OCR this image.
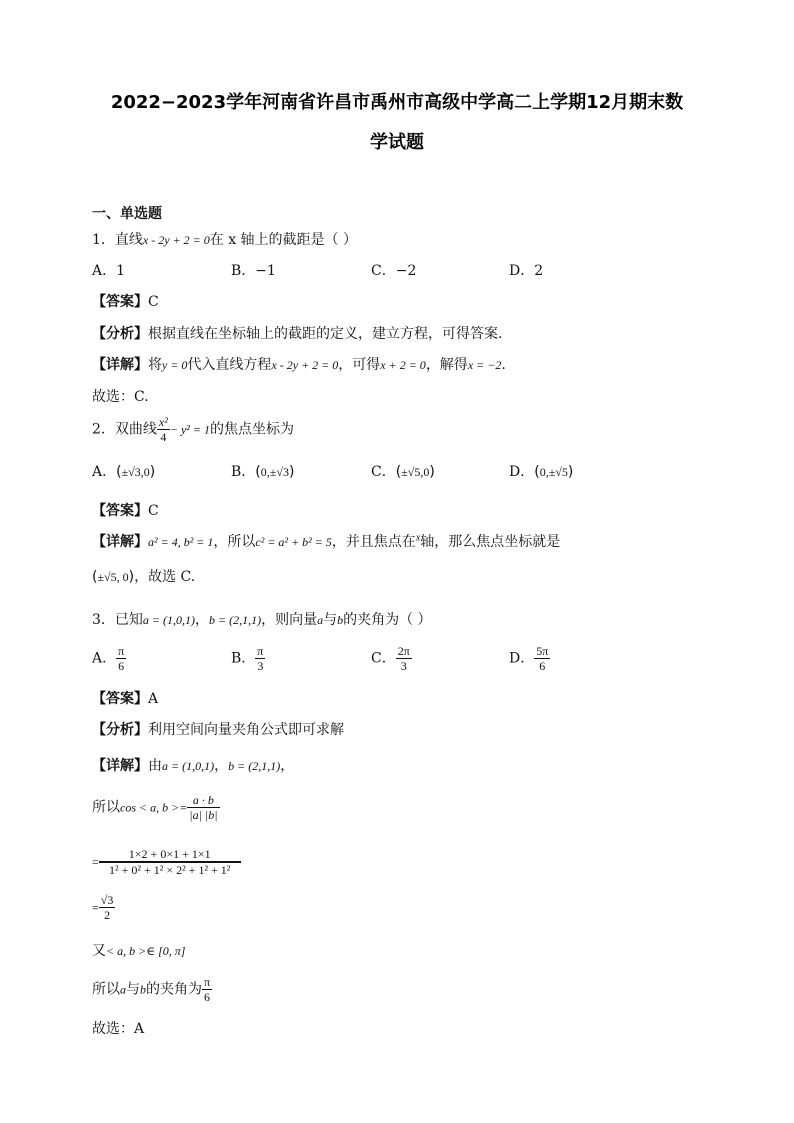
2022−2023学年河南省许昌市禹州市高级中学高二上学期12月期末数
学试题
一、单选题
1．直线x - 2y + 2 = 0在 x 轴上的截距是（ ）
A．1	B．−1	C．−2	D．2
【答案】C
【分析】根据直线在坐标轴上的截距的定义，建立方程，可得答案.
【详解】将y = 0代入直线方程x - 2y + 2 = 0，可得x + 2 = 0，解得x = −2.
故选：C.
2．双曲线 $\frac{\text{x²}}{4} - y^2 = 1$的焦点坐标为
A．(±√3,0)	B．(0,±√3)	C．(±√5,0)	D．(0,±√5)
【答案】C
【详解】a² = 4, b² = 1，所以c² = a² + b² = 5，并且焦点在$^x$轴，那么焦点坐标就是
(±√5, 0)，故选 C.
3．已知a = (1,0,1)，b = (2,1,1)，则向量a与b的夹角为（ ）
A． $\frac{\pi}{6}$	B． $\frac{\pi}{3}$	C． $\frac{2\pi}{3}$	D． $\frac{5\pi}{6}$
【答案】A
【分析】利用空间向量夹角公式即可求解
【详解】由a = (1,0,1)，b = (2,1,1)，
所以cos < a, $b >= \frac{a \cdot b}{|a| |b|}$
= $\frac{1\times 2 + 0\times 1 + 1\times 1}{\text{1² + 0² + 1² × 2² + 1² + 1²}}$
= $\frac{√3}{2}$
又< a, b >∈ [0, π]
所以a与b的夹角为 $\frac{\pi}{6}$
故选：A
